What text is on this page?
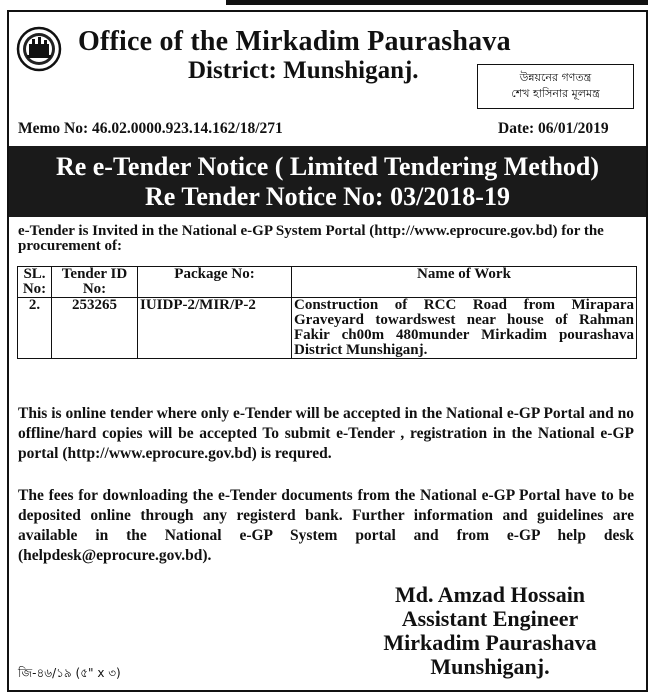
Office of the Mirkadim Paurashava
District: Munshiganj.	উন্নয়নের গণতন্ত্র
শেখ হাসিনার মূলমন্ত্র
Memo No: 46.02.0000.923.14.162/18/271	Date: 06/01/2019
Re e-Tender Notice ( Limited Tendering Method)
Re Tender Notice No: 03/2018-19
e-Tender is Invited in the National e-GP System Portal (http://www.eprocure.gov.bd) for the procurement of:
SL. No:	Tender ID No:	Package No:	Name of Work
2.	253265	IUIDP-2/MIR/P-2	Construction of RCC Road from Mirapara Graveyard towardswest near house of Rahman Fakir ch00m 480munder Mirkadim pourashava District Munshiganj.
This is online tender where only e-Tender will be accepted in the National e-GP Portal and no offline/hard copies will be accepted To submit e-Tender , registration in the National e-GP portal (http://www.eprocure.gov.bd) is requred.
The fees for downloading the e-Tender documents from the National e-GP Portal have to be deposited online through any registerd bank. Further information and guidelines are available in the National e-GP System portal and from e-GP help desk (helpdesk@eprocure.gov.bd).
Md. Amzad Hossain
Assistant Engineer
Mirkadim Paurashava
Munshiganj.
জি-৪৬/১৯ (৫" x ৩)
